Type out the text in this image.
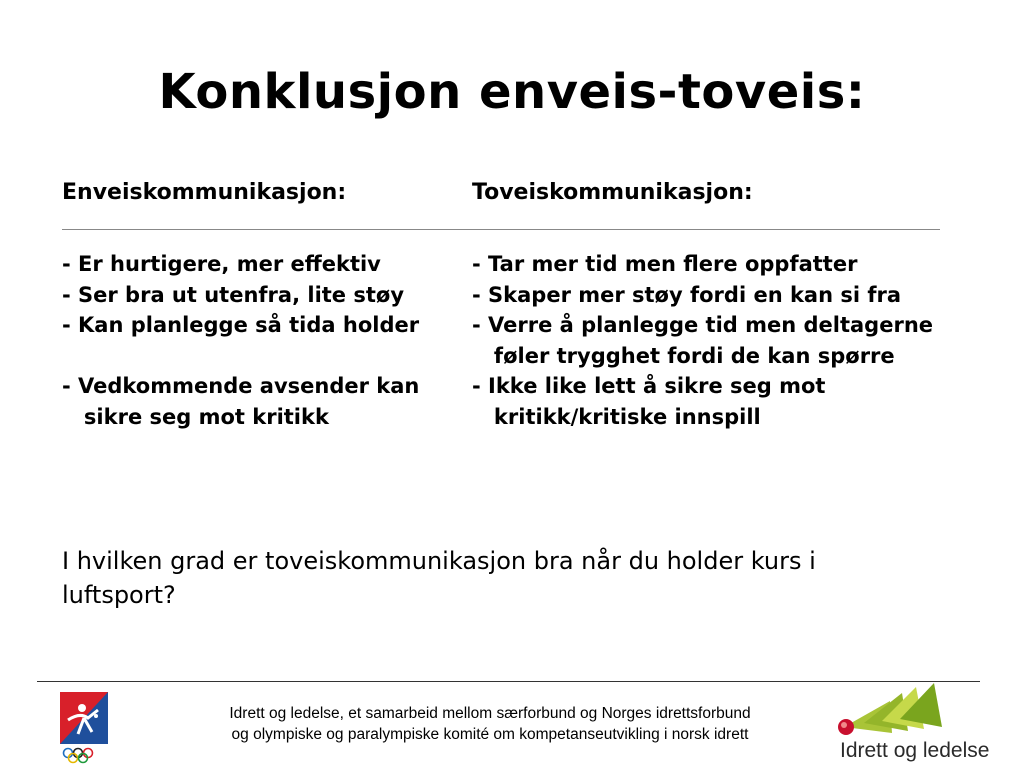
Konklusjon enveis-toveis:
Enveiskommunikasjon:	Toveiskommunikasjon:
- Er hurtigere, mer effektiv
- Ser bra ut utenfra, lite støy
- Kan planlegge så tida holder

- Vedkommende avsender kan
sikre seg mot kritikk
- Tar mer tid men flere oppfatter
- Skaper mer støy fordi en kan si fra
- Verre å planlegge tid men deltagerne
føler trygghet fordi de kan spørre
- Ikke like lett å sikre seg mot
kritikk/kritiske innspill
I hvilken grad er toveiskommunikasjon bra når du holder kurs i luftsport?
Idrett og ledelse, et samarbeid mellom særforbund og Norges idrettsforbund
og olympiske og paralympiske komité om kompetanseutvikling i norsk idrett
Idrett og ledelse
